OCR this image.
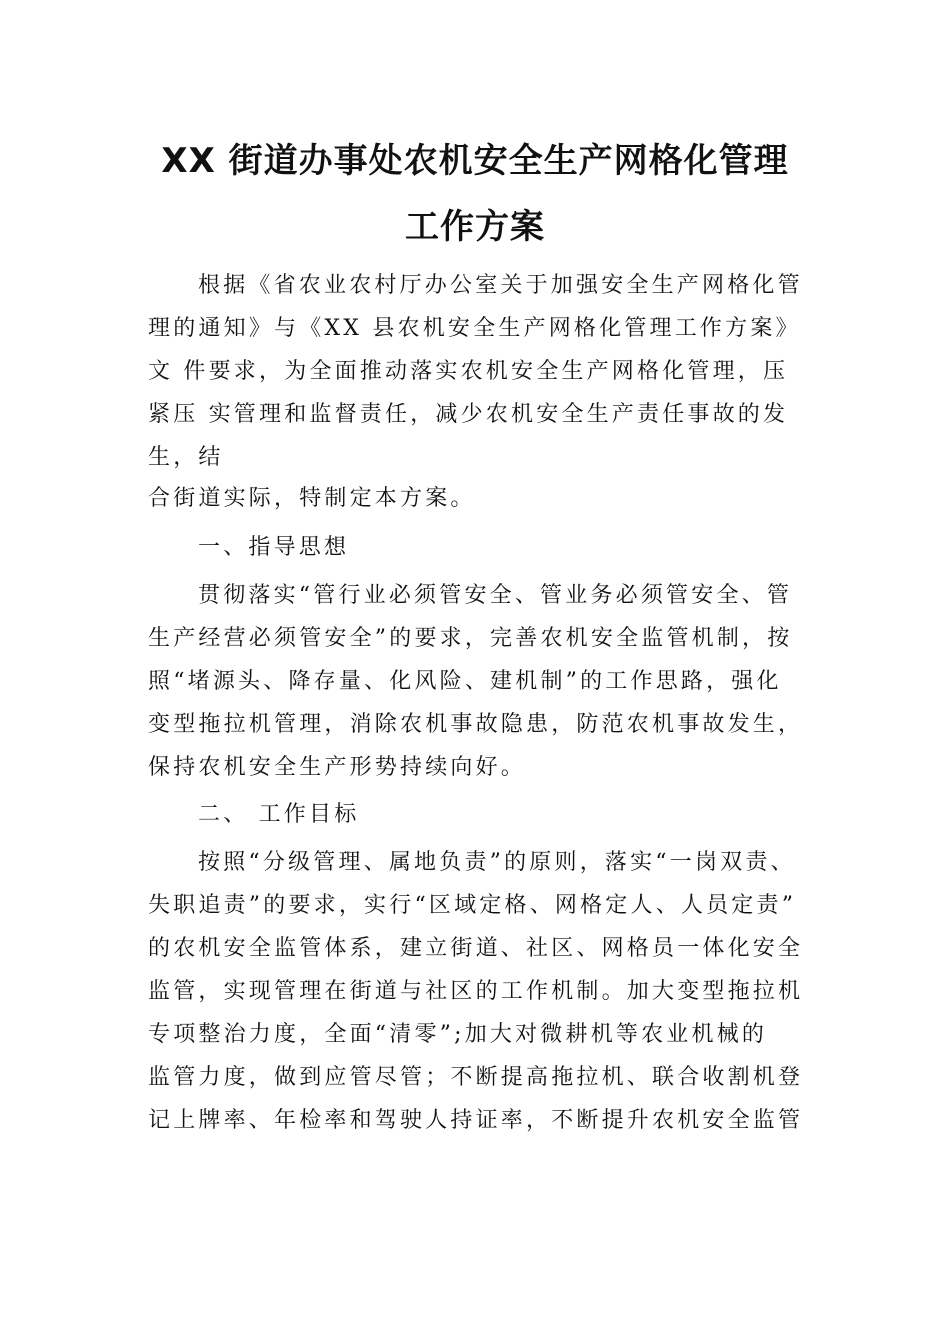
XX 街道办事处农机安全生产网格化管理
工作方案
根据《省农业农村厅办公室关于加强安全生产网格化管
理的通知》与《XX 县农机安全生产网格化管理工作方案》
文 件要求，为全面推动落实农机安全生产网格化管理，压
紧压 实管理和监督责任，减少农机安全生产责任事故的发
生，结
合街道实际，特制定本方案。
一、指导思想
贯彻落实“管行业必须管安全、管业务必须管安全、管
生产经营必须管安全”的要求，完善农机安全监管机制，按
照“堵源头、降存量、化风险、建机制”的工作思路，强化
变型拖拉机管理，消除农机事故隐患，防范农机事故发生，
保持农机安全生产形势持续向好。
二、 工作目标
按照“分级管理、属地负责”的原则，落实“一岗双责、
失职追责”的要求，实行“区域定格、网格定人、人员定责”
的农机安全监管体系，建立街道、社区、网格员一体化安全
监管，实现管理在街道与社区的工作机制。加大变型拖拉机
专项整治力度，全面“清零”;加大对微耕机等农业机械的
监管力度，做到应管尽管；不断提高拖拉机、联合收割机登
记上牌率、年检率和驾驶人持证率，不断提升农机安全监管
